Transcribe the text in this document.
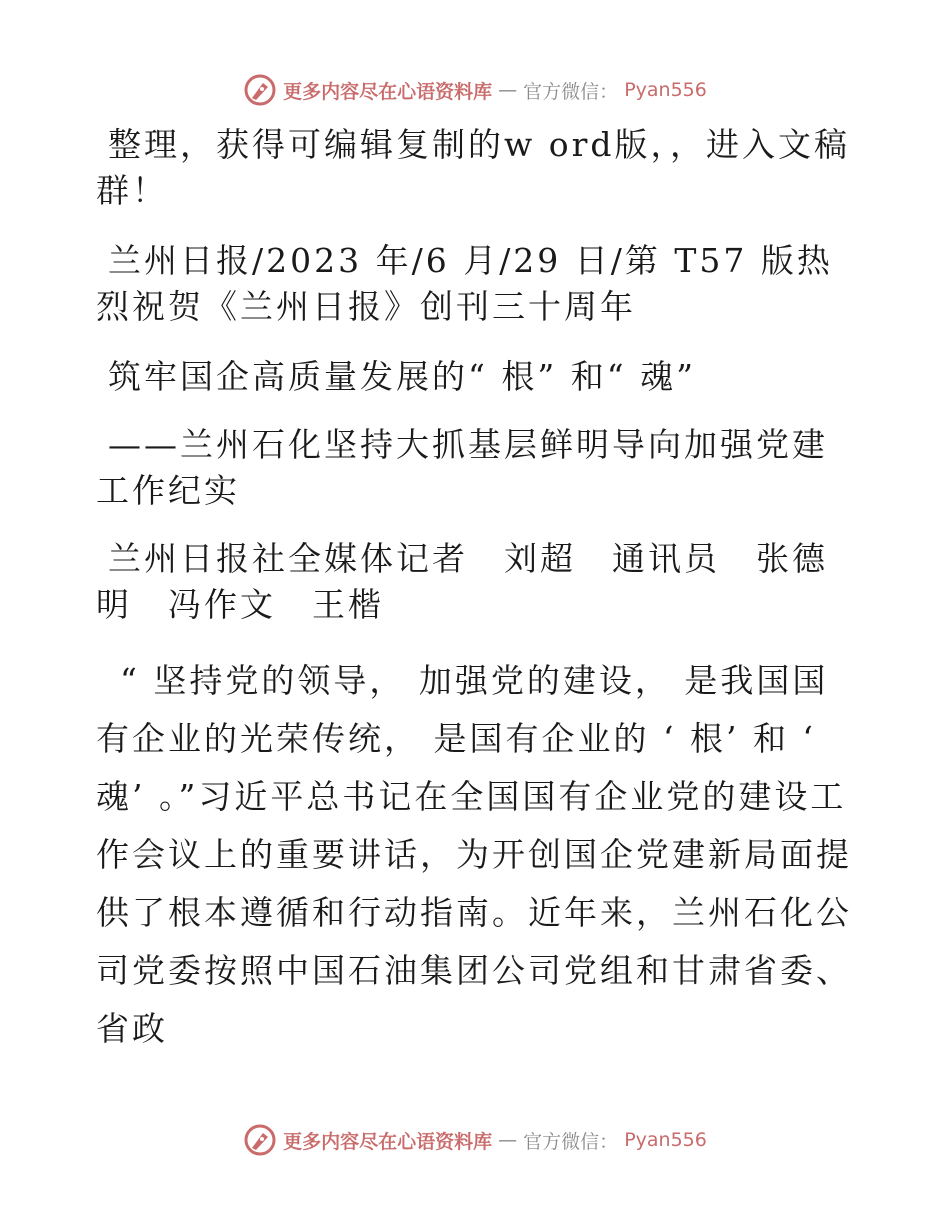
更多内容尽在心语资料库 — 官方微信： Pyan556

整理，获得可编辑复制的w ord版，，进入文稿群！

兰州日报/2023 年/6 月/29 日/第 T57 版热烈祝贺《兰州日报》创刊三十周年

筑牢国企高质量发展的“ 根” 和“ 魂”

——兰州石化坚持大抓基层鲜明导向加强党建工作纪实

兰州日报社全媒体记者　刘超　通讯员　张德明　冯作文　王楷

“ 坚持党的领导， 加强党的建设， 是我国国有企业的光荣传统， 是国有企业的 ‘ 根’ 和 ‘ 魂’ 。”习近平总书记在全国国有企业党的建设工作会议上的重要讲话，为开创国企党建新局面提供了根本遵循和行动指南。近年来，兰州石化公司党委按照中国石油集团公司党组和甘肃省委、省政

更多内容尽在心语资料库 — 官方微信： Pyan556
